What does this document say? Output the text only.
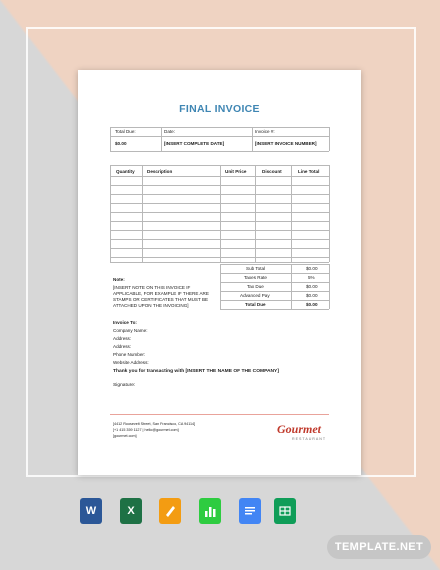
FINAL INVOICE
Total Due:	Date:	Invoice #:
$0.00	[INSERT COMPLETE DATE]	[INSERT INVOICE NUMBER]
Quantity	Description	Unit Price	Discount	Line Total
Sub Total	$0.00
Taxes Rate	5%
Tax Due	$0.00
Advanced Pay	$0.00
Total Due	$0.00
Note:
[INSERT NOTE ON THIS INVOICE IF
APPLICABLE, FOR EXAMPLE IF THERE ARE
STAMPS OR CERTIFICATES THAT MUST BE
ATTACHED UPON THE INVOICING]
Invoice To:
Company Name:
Address:
Address:
Phone Number:
Website Address:
Thank you for transacting with [INSERT THE NAME OF THE COMPANY]
Signature:
[4412 Roosevelt Street, San Francisco, CA 94114]
[+1 415 359 1127 | hello@gourmet.com]
[gourmet.com]	Gourmet
RESTAURANT
W	X
TEMPLATE.NET
